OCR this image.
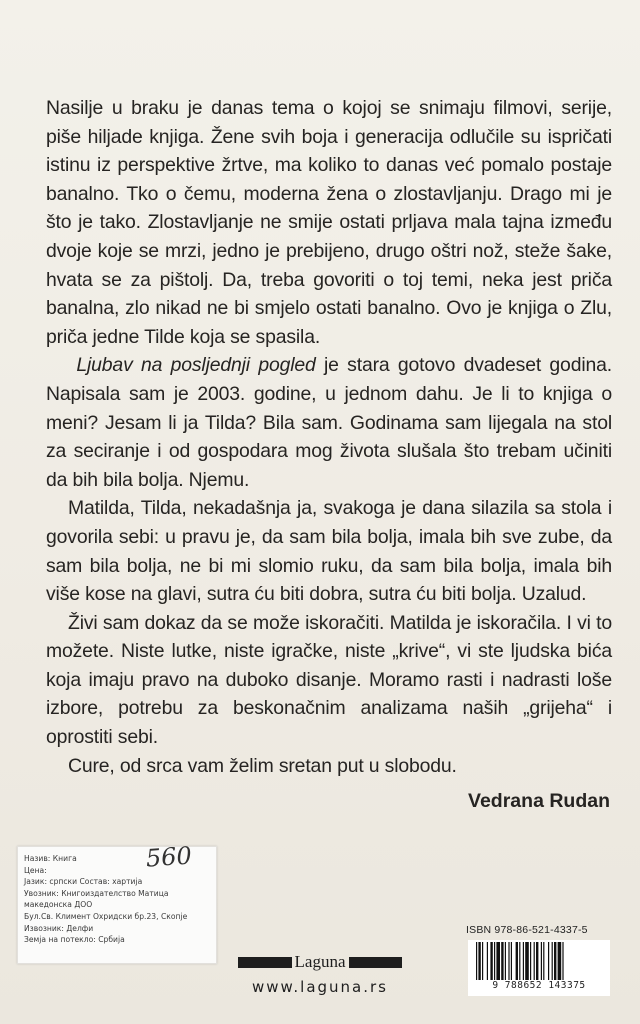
Nasilje u braku je danas tema o kojoj se snimaju filmovi, serije, piše hiljade knjiga. Žene svih boja i generacija odlučile su ispričati istinu iz perspektive žrtve, ma koliko to danas već pomalo postaje banalno. Tko o čemu, moderna žena o zlostavljanju. Drago mi je što je tako. Zlostavljanje ne smije ostati prljava mala tajna između dvoje koje se mrzi, jedno je prebijeno, drugo oštri nož, steže šake, hvata se za pištolj. Da, treba govoriti o toj temi, neka jest priča banalna, zlo nikad ne bi smjelo ostati banalno. Ovo je knjiga o Zlu, priča jedne Tilde koja se spasila.

Ljubav na posljednji pogled je stara gotovo dvadeset godina. Napisala sam je 2003. godine, u jednom dahu. Je li to knjiga o meni? Jesam li ja Tilda? Bila sam. Godinama sam lijegala na stol za seciranje i od gospodara mog života slušala što trebam učiniti da bih bila bolja. Njemu.

Matilda, Tilda, nekadašnja ja, svakoga je dana silazila sa stola i govorila sebi: u pravu je, da sam bila bolja, imala bih sve zube, da sam bila bolja, ne bi mi slomio ruku, da sam bila bolja, imala bih više kose na glavi, sutra ću biti dobra, sutra ću biti bolja. Uzalud.

Živi sam dokaz da se može iskoračiti. Matilda je iskoračila. I vi to možete. Niste lutke, niste igračke, niste „krive“, vi ste ljudska bića koja imaju pravo na duboko disanje. Moramo rasti i nadrasti loše izbore, potrebu za beskonačnim analizama naših „grijeha“ i oprostiti sebi.

Cure, od srca vam želim sretan put u slobodu.

Vedrana Rudan
Назив: Книга
Цена:
Јазик: српски Состав: хартија
Увозник: Книгоиздателство Матица
македонска ДОО
Бул.Св. Климент Охридски бр.23, Скопје
Извозник: Делфи
Земја на потекло: Србија
560
Laguna
www.laguna.rs
ISBN 978-86-521-4337-5
9 788652 143375
